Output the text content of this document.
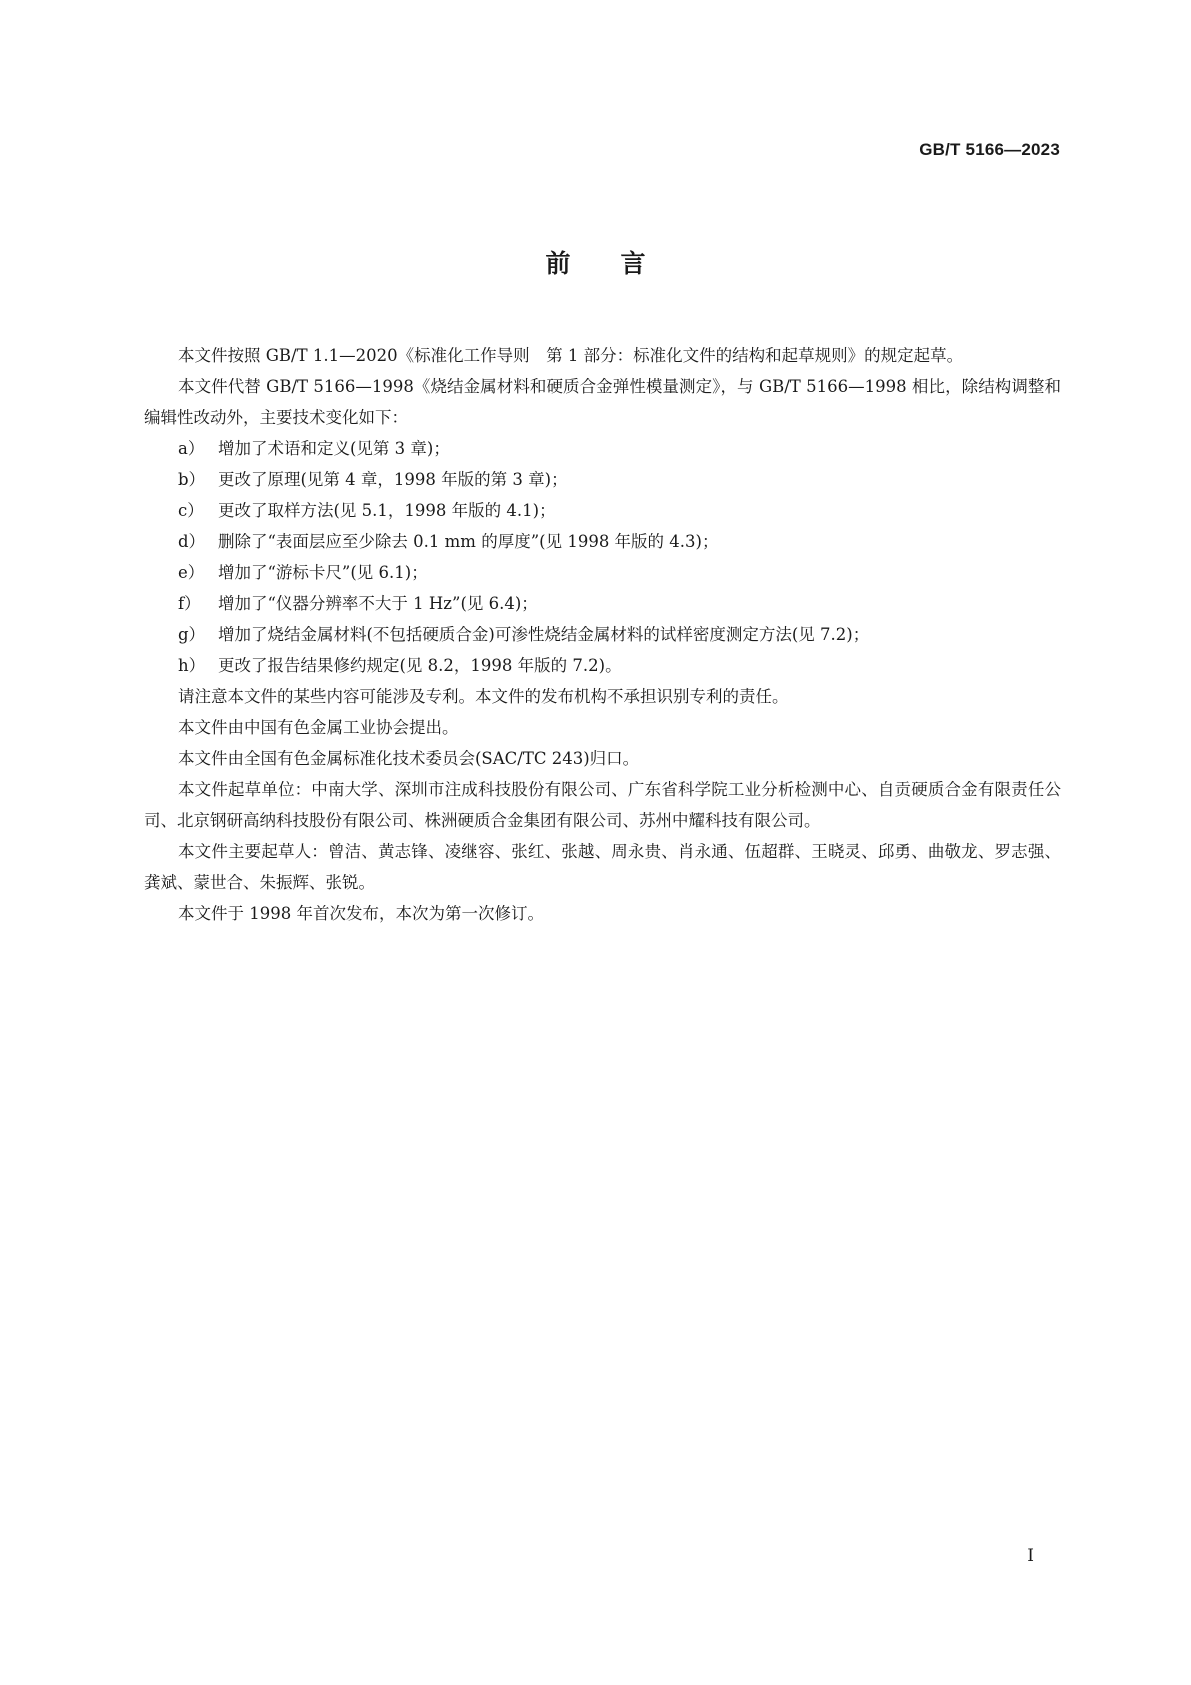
GB/T 5166—2023
前言

本文件按照 GB/T 1.1—2020《标准化工作导则　第 1 部分：标准化文件的结构和起草规则》的规定起草。

本文件代替 GB/T 5166—1998《烧结金属材料和硬质合金弹性模量测定》，与 GB/T 5166—1998 相比，除结构调整和编辑性改动外，主要技术变化如下：

a） 增加了术语和定义(见第 3 章)；

b） 更改了原理(见第 4 章，1998 年版的第 3 章)；

c） 更改了取样方法(见 5.1，1998 年版的 4.1)；

d） 删除了“表面层应至少除去 0.1 mm 的厚度”(见 1998 年版的 4.3)；

e） 增加了“游标卡尺”(见 6.1)；

f）	增加了“仪器分辨率不大于 1 Hz”(见 6.4)；

g） 增加了烧结金属材料(不包括硬质合金)可渗性烧结金属材料的试样密度测定方法(见 7.2)；

h） 更改了报告结果修约规定(见 8.2，1998 年版的 7.2)。

请注意本文件的某些内容可能涉及专利。本文件的发布机构不承担识别专利的责任。

本文件由中国有色金属工业协会提出。

本文件由全国有色金属标准化技术委员会(SAC/TC 243)归口。

本文件起草单位：中南大学、深圳市注成科技股份有限公司、广东省科学院工业分析检测中心、自贡硬质合金有限责任公司、北京钢研高纳科技股份有限公司、株洲硬质合金集团有限公司、苏州中耀科技有限公司。

本文件主要起草人：曾洁、黄志锋、凌继容、张红、张越、周永贵、肖永通、伍超群、王晓灵、邱勇、曲敬龙、罗志强、龚斌、蒙世合、朱振辉、张锐。

本文件于 1998 年首次发布，本次为第一次修订。

I
